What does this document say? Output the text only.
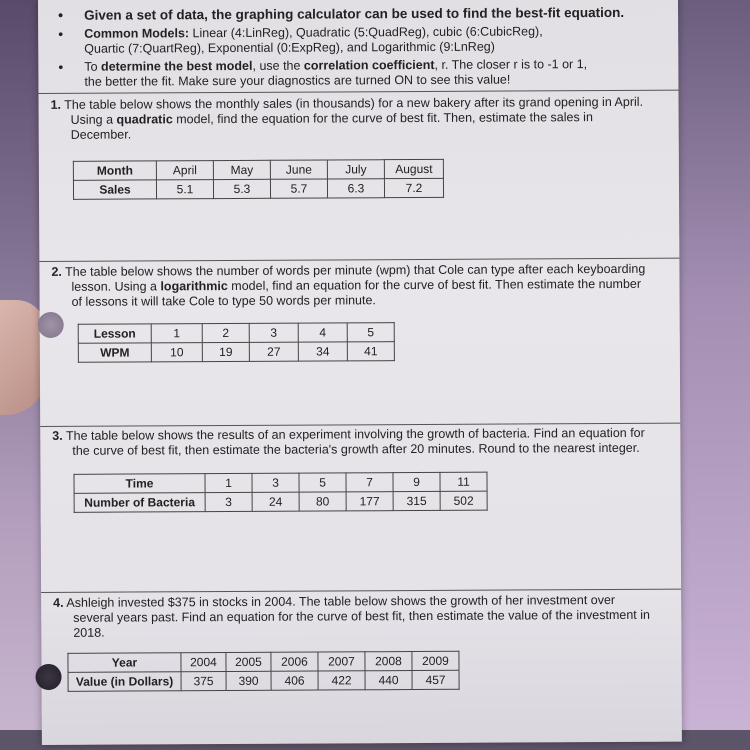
• Given a set of data, the graphing calculator can be used to find the best-fit equation.
• Common Models: Linear (4:LinReg), Quadratic (5:QuadReg), cubic (6:CubicReg),
Quartic (7:QuartReg), Exponential (0:ExpReg), and Logarithmic (9:LnReg)
• To determine the best model, use the correlation coefficient, r. The closer r is to -1 or 1,
the better the fit. Make sure your diagnostics are turned ON to see this value!
1. The table below shows the monthly sales (in thousands) for a new bakery after its grand opening in April.
Using a quadratic model, find the equation for the curve of best fit. Then, estimate the sales in
December.
Month	April	May	June	July	August
Sales	5.1	5.3	5.7	6.3	7.2
2. The table below shows the number of words per minute (wpm) that Cole can type after each keyboarding
lesson. Using a logarithmic model, find an equation for the curve of best fit. Then estimate the number
of lessons it will take Cole to type 50 words per minute.
Lesson	1	2	3	4	5
WPM	10	19	27	34	41
3. The table below shows the results of an experiment involving the growth of bacteria. Find an equation for
the curve of best fit, then estimate the bacteria's growth after 20 minutes. Round to the nearest integer.
Time	1	3	5	7	9	11
Number of Bacteria	3	24	80	177	315	502
4. Ashleigh invested $375 in stocks in 2004. The table below shows the growth of her investment over
several years past. Find an equation for the curve of best fit, then estimate the value of the investment in
2018.
Year	2004	2005	2006	2007	2008	2009
Value (in Dollars)	375	390	406	422	440	457
